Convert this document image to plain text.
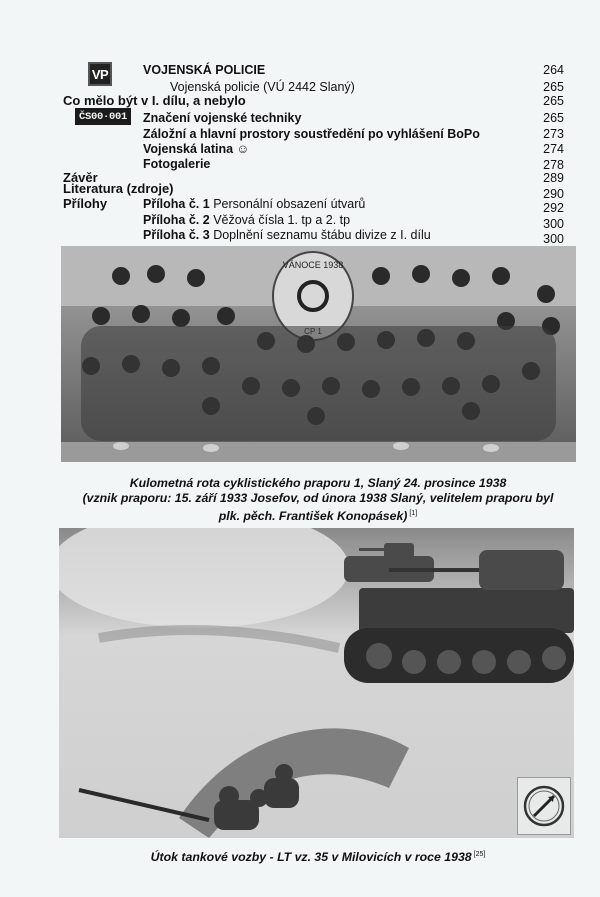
VP	VOJENSKÁ POLICIE	264
Vojenská policie (VÚ 2442 Slaný)	265
Co mělo být v I. dílu, a nebylo	265
ČS00·001	Značení vojenské techniky	265
Záložní a hlavní prostory soustředění po vyhlášení BoPo	273
Vojenská latina ☺	274
Fotogalerie	278
Závěr	289
Literatura (zdroje)	290
Přílohy	Příloha č. 1 Personální obsazení útvarů	292
Příloha č. 2 Věžová čísla 1. tp a 2. tp	300
Příloha č. 3 Doplnění seznamu štábu divize z I. dílu	300
VÁNOCE 1938
Kulometná rota cyklistického praporu 1, Slaný 24. prosince 1938
(vznik praporu: 15. září 1933 Josefov, od února 1938 Slaný, velitelem praporu byl
plk. pěch. František Konopásek) [1]
Útok tankové vozby - LT vz. 35 v Milovicích v roce 1938 [25]
